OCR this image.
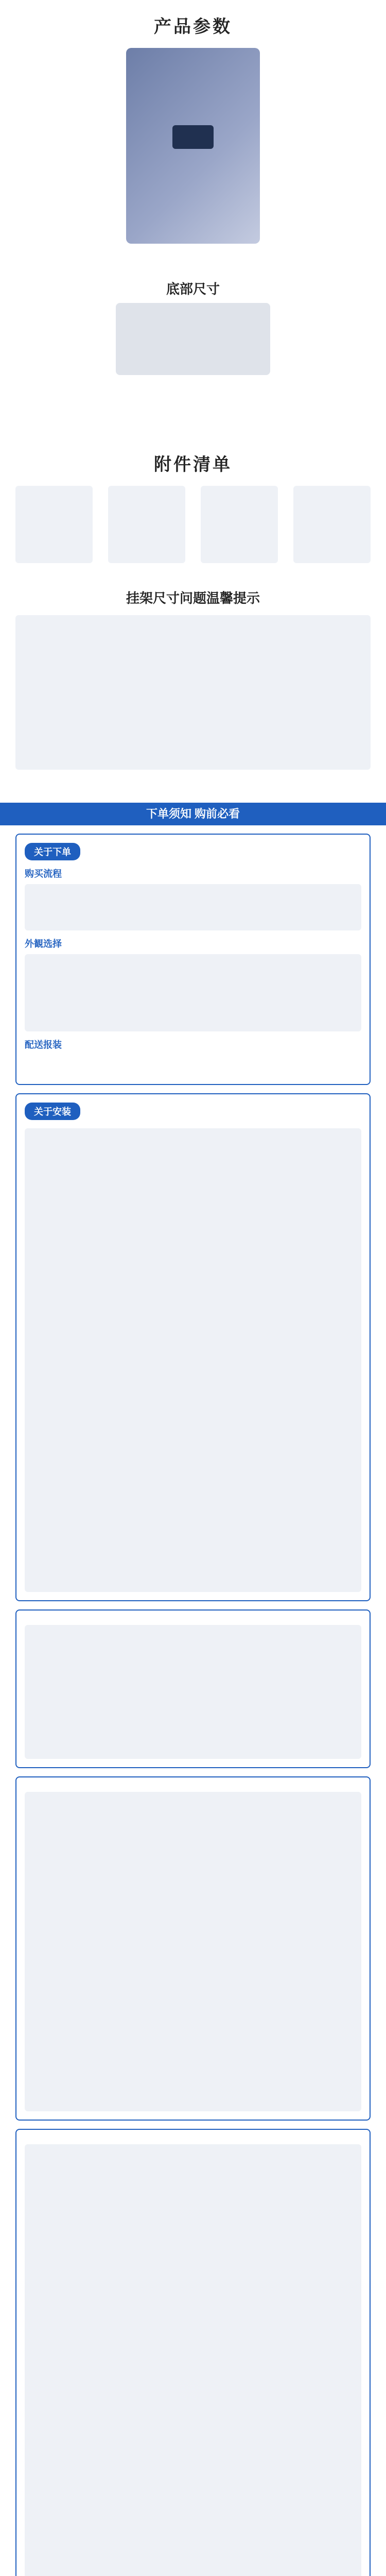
产品参数
底部尺寸
附件清单
挂架尺寸问题温馨提示
下单须知 购前必看
关于下单
购买流程
外観选择
配送报装
关于安装
